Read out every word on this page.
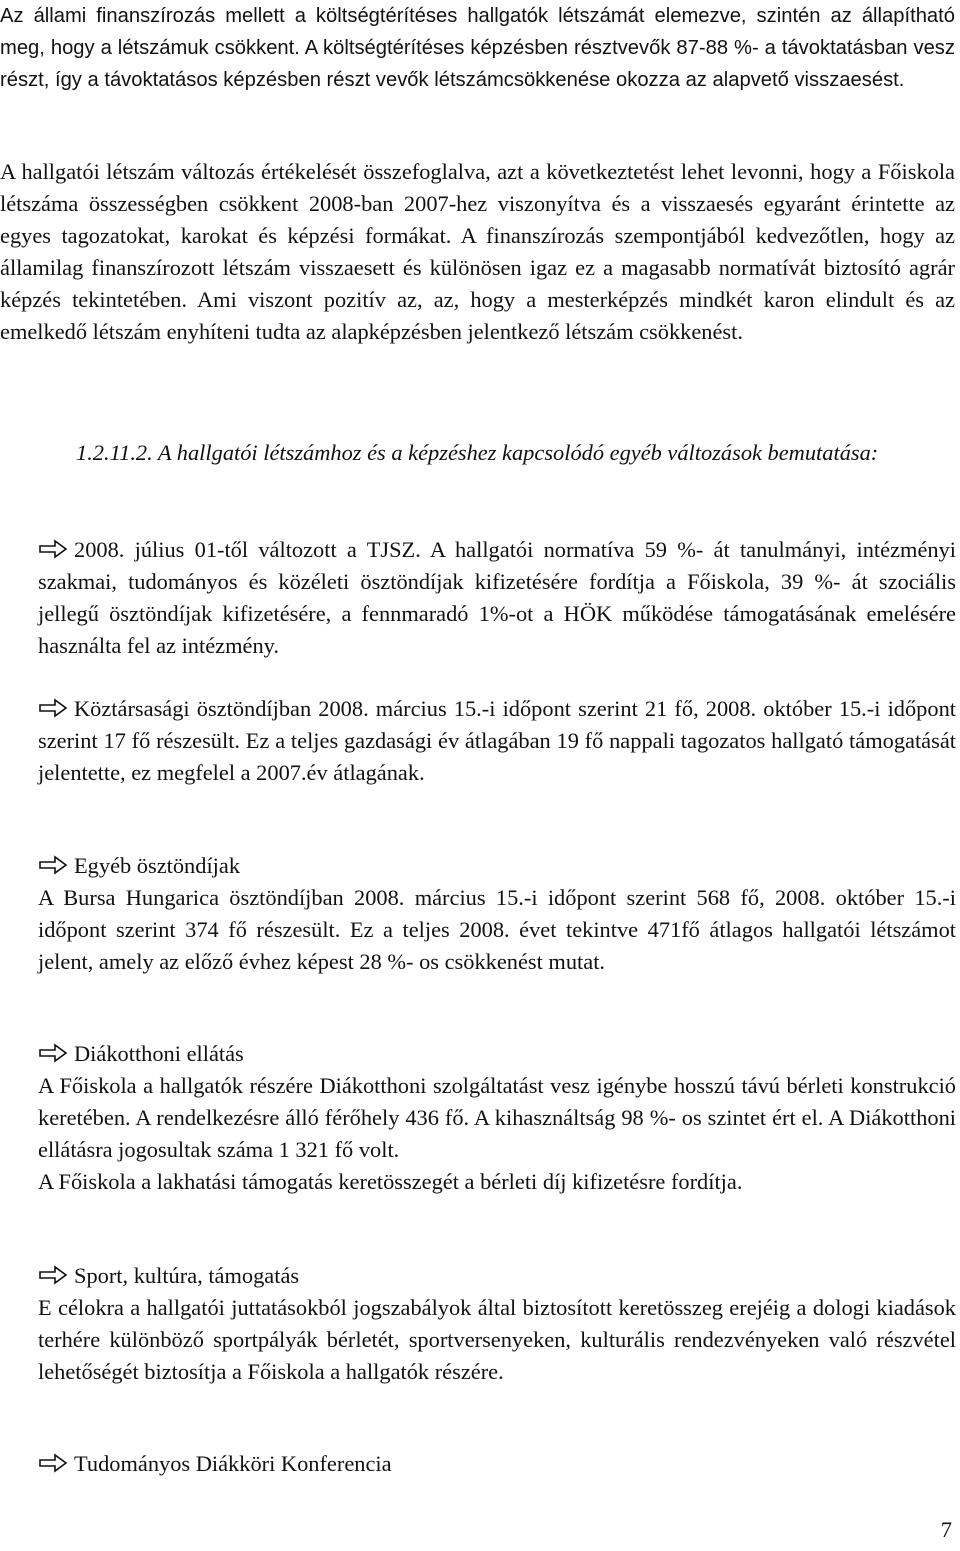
Az állami finanszírozás mellett a költségtérítéses hallgatók létszámát elemezve, szintén az állapítható meg, hogy a létszámuk csökkent. A költségtérítéses képzésben résztvevők 87-88 %- a távoktatásban vesz részt, így a távoktatásos képzésben részt vevők létszámcsökkenése okozza az alapvető visszaesést.

A hallgatói létszám változás értékelését összefoglalva, azt a következtetést lehet levonni, hogy a Főiskola létszáma összességben csökkent 2008-ban 2007-hez viszonyítva és a visszaesés egyaránt érintette az egyes tagozatokat, karokat és képzési formákat. A finanszírozás szempontjából kedvezőtlen, hogy az államilag finanszírozott létszám visszaesett és különösen igaz ez a magasabb normatívát biztosító agrár képzés tekintetében. Ami viszont pozitív az, az, hogy a mesterképzés mindkét karon elindult és az emelkedő létszám enyhíteni tudta az alapképzésben jelentkező létszám csökkenést.

1.2.11.2. A hallgatói létszámhoz és a képzéshez kapcsolódó egyéb változások bemutatása:

2008. július 01-től változott a TJSZ. A hallgatói normatíva 59 %- át tanulmányi, intézményi szakmai, tudományos és közéleti ösztöndíjak kifizetésére fordítja a Főiskola, 39 %- át szociális jellegű ösztöndíjak kifizetésére, a fennmaradó 1%-ot a HÖK működése támogatásának emelésére használta fel az intézmény.

Köztársasági ösztöndíjban 2008. március 15.-i időpont szerint 21 fő, 2008. október 15.-i időpont szerint 17 fő részesült. Ez a teljes gazdasági év átlagában 19 fő nappali tagozatos hallgató támogatását jelentette, ez megfelel a 2007.év átlagának.

Egyéb ösztöndíjak

A Bursa Hungarica ösztöndíjban 2008. március 15.-i időpont szerint 568 fő, 2008. október 15.-i időpont szerint 374 fő részesült. Ez a teljes 2008. évet tekintve 471fő átlagos hallgatói létszámot jelent, amely az előző évhez képest 28 %- os csökkenést mutat.

Diákotthoni ellátás

A Főiskola a hallgatók részére Diákotthoni szolgáltatást vesz igénybe hosszú távú bérleti konstrukció keretében. A rendelkezésre álló férőhely 436 fő. A kihasználtság 98 %- os szintet ért el. A Diákotthoni ellátásra jogosultak száma 1 321 fő volt.

A Főiskola a lakhatási támogatás keretösszegét a bérleti díj kifizetésre fordítja.

Sport, kultúra, támogatás

E célokra a hallgatói juttatásokból jogszabályok által biztosított keretösszeg erejéig a dologi kiadások terhére különböző sportpályák bérletét, sportversenyeken, kulturális rendezvényeken való részvétel lehetőségét biztosítja a Főiskola a hallgatók részére.

Tudományos Diákköri Konferencia

7
